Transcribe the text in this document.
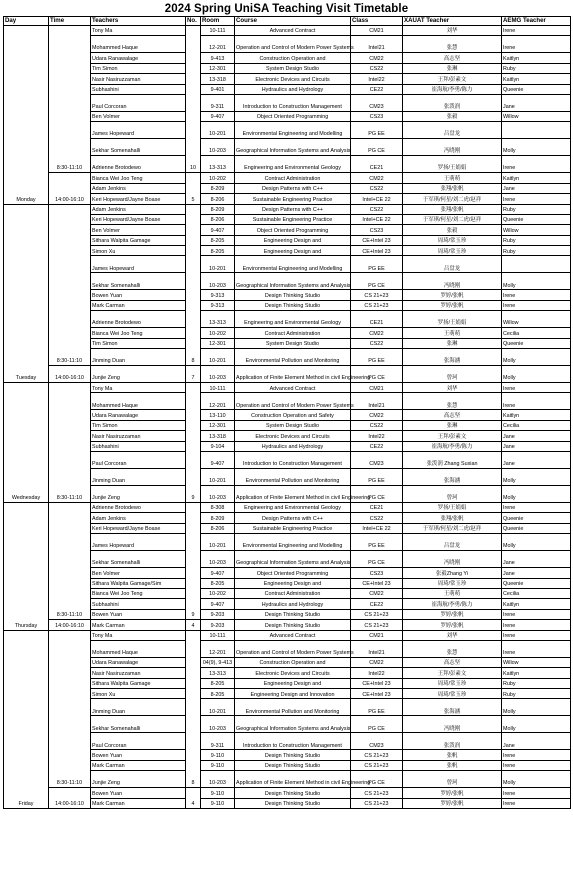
2024 Spring UniSA Teaching Visit Timetable
Day	Time	Teachers	No.	Room	Course	Class	XAUAT Teacher	AEMG Teacher
Monday	8:30-11:10	Tony Ma	10	10-111	Advanced Contract	CM21	刘华	Irene
		Mohammed Haque		12-201	Operation and Control of Modern Power Systems	Intel21	张慧	Irene
		Udara Ranawalage		9-413	Construction Operation and	CM22	高志坚	Kaitlyn
		Tim Simon		12-301	System Design Studio	CS22	张琳	Ruby
		Nasir Nasiruzzaman		13-318	Electronic Devices and Circuits	Intel22	王拜/彭素文	Kaitlyn
		Subhashini		9-401	Hydraulics and Hydrology	CE22	崔海航/李勇/陈力	Queenie
		Paul Corcoran		9-311	Introduction to Construction Management	CM23	张泼润	Jane
		Ben Volmer		9-407	Object Oriented Programming	CS23	张毅	Willow
		James Hopeward		10-201	Environmental Engineering and Modelling	PG EE	吕盘龙	
		Sekhar Somenahalli		10-203	Geographical Information Systems and Analysis	PG CE	冯晓刚	Molly
		Adrienne Brotodewo		13-313	Engineering and Environmental Geology	CE21	罗扬/王娟娟	Irene
	14:00-16:10	Bianca Wei Joo Teng	5	10-202	Contract Administration	CM22	王萌萌	Kaitlyn
		Adam Jenkins		8-209	Design Patterns with C++	CS22	张翔/张帆	Jane
		Keri Hopeward/Jayne Boase		8-206	Sustainable Engineering Practice	Intel+CE 22	于军琪/何星/刘二虎/赵祥	Irene
Tuesday	8:30-11:10	Adam Jenkins	8	8-209	Design Patterns with C++	CS22	张翔/张帆	Ruby
		Keri Hopeward/Jayne Boase		8-206	Sustainable Engineering Practice	Intel+CE 22	于军琪/何星/刘二虎/赵祥	Queenie
		Ben Volmer		9-407	Object Oriented Programming	CS23	张毅	Willow
		Sithara Walpita Gamage		8-205	Engineering Design and	CE+Intel 23	周琦/常玉珍	Ruby
		Simon Xu		8-205	Engineering Design and	CE+Intel 23	周琦/常玉珍	Ruby
		James Hopeward		10-201	Environmental Engineering and Modelling	PG EE	吕盘龙	
		Sekhar Somenahalli		10-203	Geographical Information Systems and Analysis	PG CE	冯晓刚	Molly
		Bowen Yuan		9-313	Design Thinking Studio	CS 21+23	罗婷/张帆	Irene
		Mark Carman		9-313	Design Thinking Studio	CS 21+23	罗婷/张帆	Irene
		Adrienne Brotodewo		13-313	Engineering and Environmental Geology	CE21	罗扬/王娟娟	Willow
		Bianca Wei Joo Teng		10-202	Contract Administration	CM22	王萌萌	Cecilia
		Tim Simon		12-301	System Design Studio	CS22	张琳	Queenie
		Jinming Duan		10-201	Environmental Pollution and Monitoring	PG EE	张海涵	Molly
	14:00-16:10	Junjie Zeng	7	10-203	Application of Finite Element Method in civil Engineering	PG CE	曾珂	Molly
Wednesday	8:30-11:10	Tony Ma	9	10-111	Advanced Contract	CM21	刘华	Irene
		Mohammed Haque		12-201	Operation and Control of Modern Power Systems	Intel21	张慧	Irene
		Udara Ranawalage		13-110	Construction Operation and Safety	CM22	高志坚	Kaitlyn
		Tim Simon		12-301	System Design Studio	CS22	张琳	Cecilia
		Nasir Nasiruzzaman		13-318	Electronic Devices and Circuits	Intel22	王拜/彭素文	Jane
		Subhashini		9-104	Hydraulics and Hydrology	CE22	崔海航/李勇/陈力	Jane
		Paul Corcoran		9-407	Introduction to Construction Management	CM23	张泼润 Zhang Suxian	Jane
		Jinming Duan		10-201	Environmental Pollution and Monitoring	PG EE	张海涵	Molly
		Junjie Zeng		10-203	Application of Finite Element Method in civil Engineering	PG CE	曾珂	Molly
Thursday	8:30-11:10	Adrienne Brotodewo	9	8-308	Engineering and Environmental Geology	CE21	罗扬/王娟娟	Irene
		Adam Jenkins		8-209	Design Patterns with C++	CS22	张翔/张帆	Queenie
		Keri Hopeward/Jayne Boase		8-206	Sustainable Engineering Practice	Intel+CE 22	于军琪/何星/刘二虎/赵祥	Queenie
		James Hopeward		10-201	Environmental Engineering and Modelling	PG EE	吕盘龙	Molly
		Sekhar Somenahalli		10-203	Geographical Information Systems and Analysis	PG CE	冯晓刚	Jane
		Ben Volmer		9-407	Object Oriented Programming	CS23	张毅Zhang Yi	Jane
		Sithara Walpita Gamage/Sim		8-205	Engineering Design and	CE+Intel 23	周琦/常玉珍	Queenie
		Bianca Wei Joo Teng		10-202	Contract Administration	CM22	王萌萌	Cecilia
		Subhashini		9-407	Hydraulics and Hydrology	CE22	崔海航/李勇/陈力	Kaitlyn
		Bowen Yuan		9-203	Design Thinking Studio	CS 21+23	罗婷/张帆	Irene
	14:00-16:10	Mark Carman	4	9-203	Design Thinking Studio	CS 21+23	罗婷/张帆	Irene
Friday	8:30-11:10	Tony Ma	8	10-111	Advanced Contract	CM21	刘华	Irene
		Mohammed Haque		12-201	Operation and Control of Modern Power Systems	Intel21	张慧	Irene
		Udara Ranawalage		04(9), 9-413	Construction Operation and	CM22	高志坚	Willow
		Nasir Nasiruzzaman		13-313	Electronic Devices and Circuits	Intel22	王拜/彭素文	Kaitlyn
		Sithara Walpita Gamage		8-205	Engineering Design and	CE+Intel 23	周琦/常玉珍	Ruby
		Simon Xu		8-205	Engineering Design and Innovation	CE+Intel 23	周琦/常玉珍	Ruby
		Jinming Duan		10-201	Environmental Pollution and Monitoring	PG EE	张海涵	Molly
		Sekhar Somenahalli		10-203	Geographical Information Systems and Analysis	PG CE	冯晓刚	Molly
		Paul Corcoran		9-311	Introduction to Construction Management	CM23	张泼润	Jane
		Bowen Yuan		9-110	Design Thinking Studio	CS 21+23	张帆	Irene
		Mark Carman		9-110	Design Thinking Studio	CS 21+23	张帆	Irene
		Junjie Zeng		10-203	Application of Finite Element Method in civil Engineering	PG CE	曾珂	Molly
	14:00-16:10	Bowen Yuan	4	9-110	Design Thinking Studio	CS 21+23	罗婷/张帆	Irene
		Mark Carman		9-110	Design Thinking Studio	CS 21+23	罗婷/张帆	Irene
